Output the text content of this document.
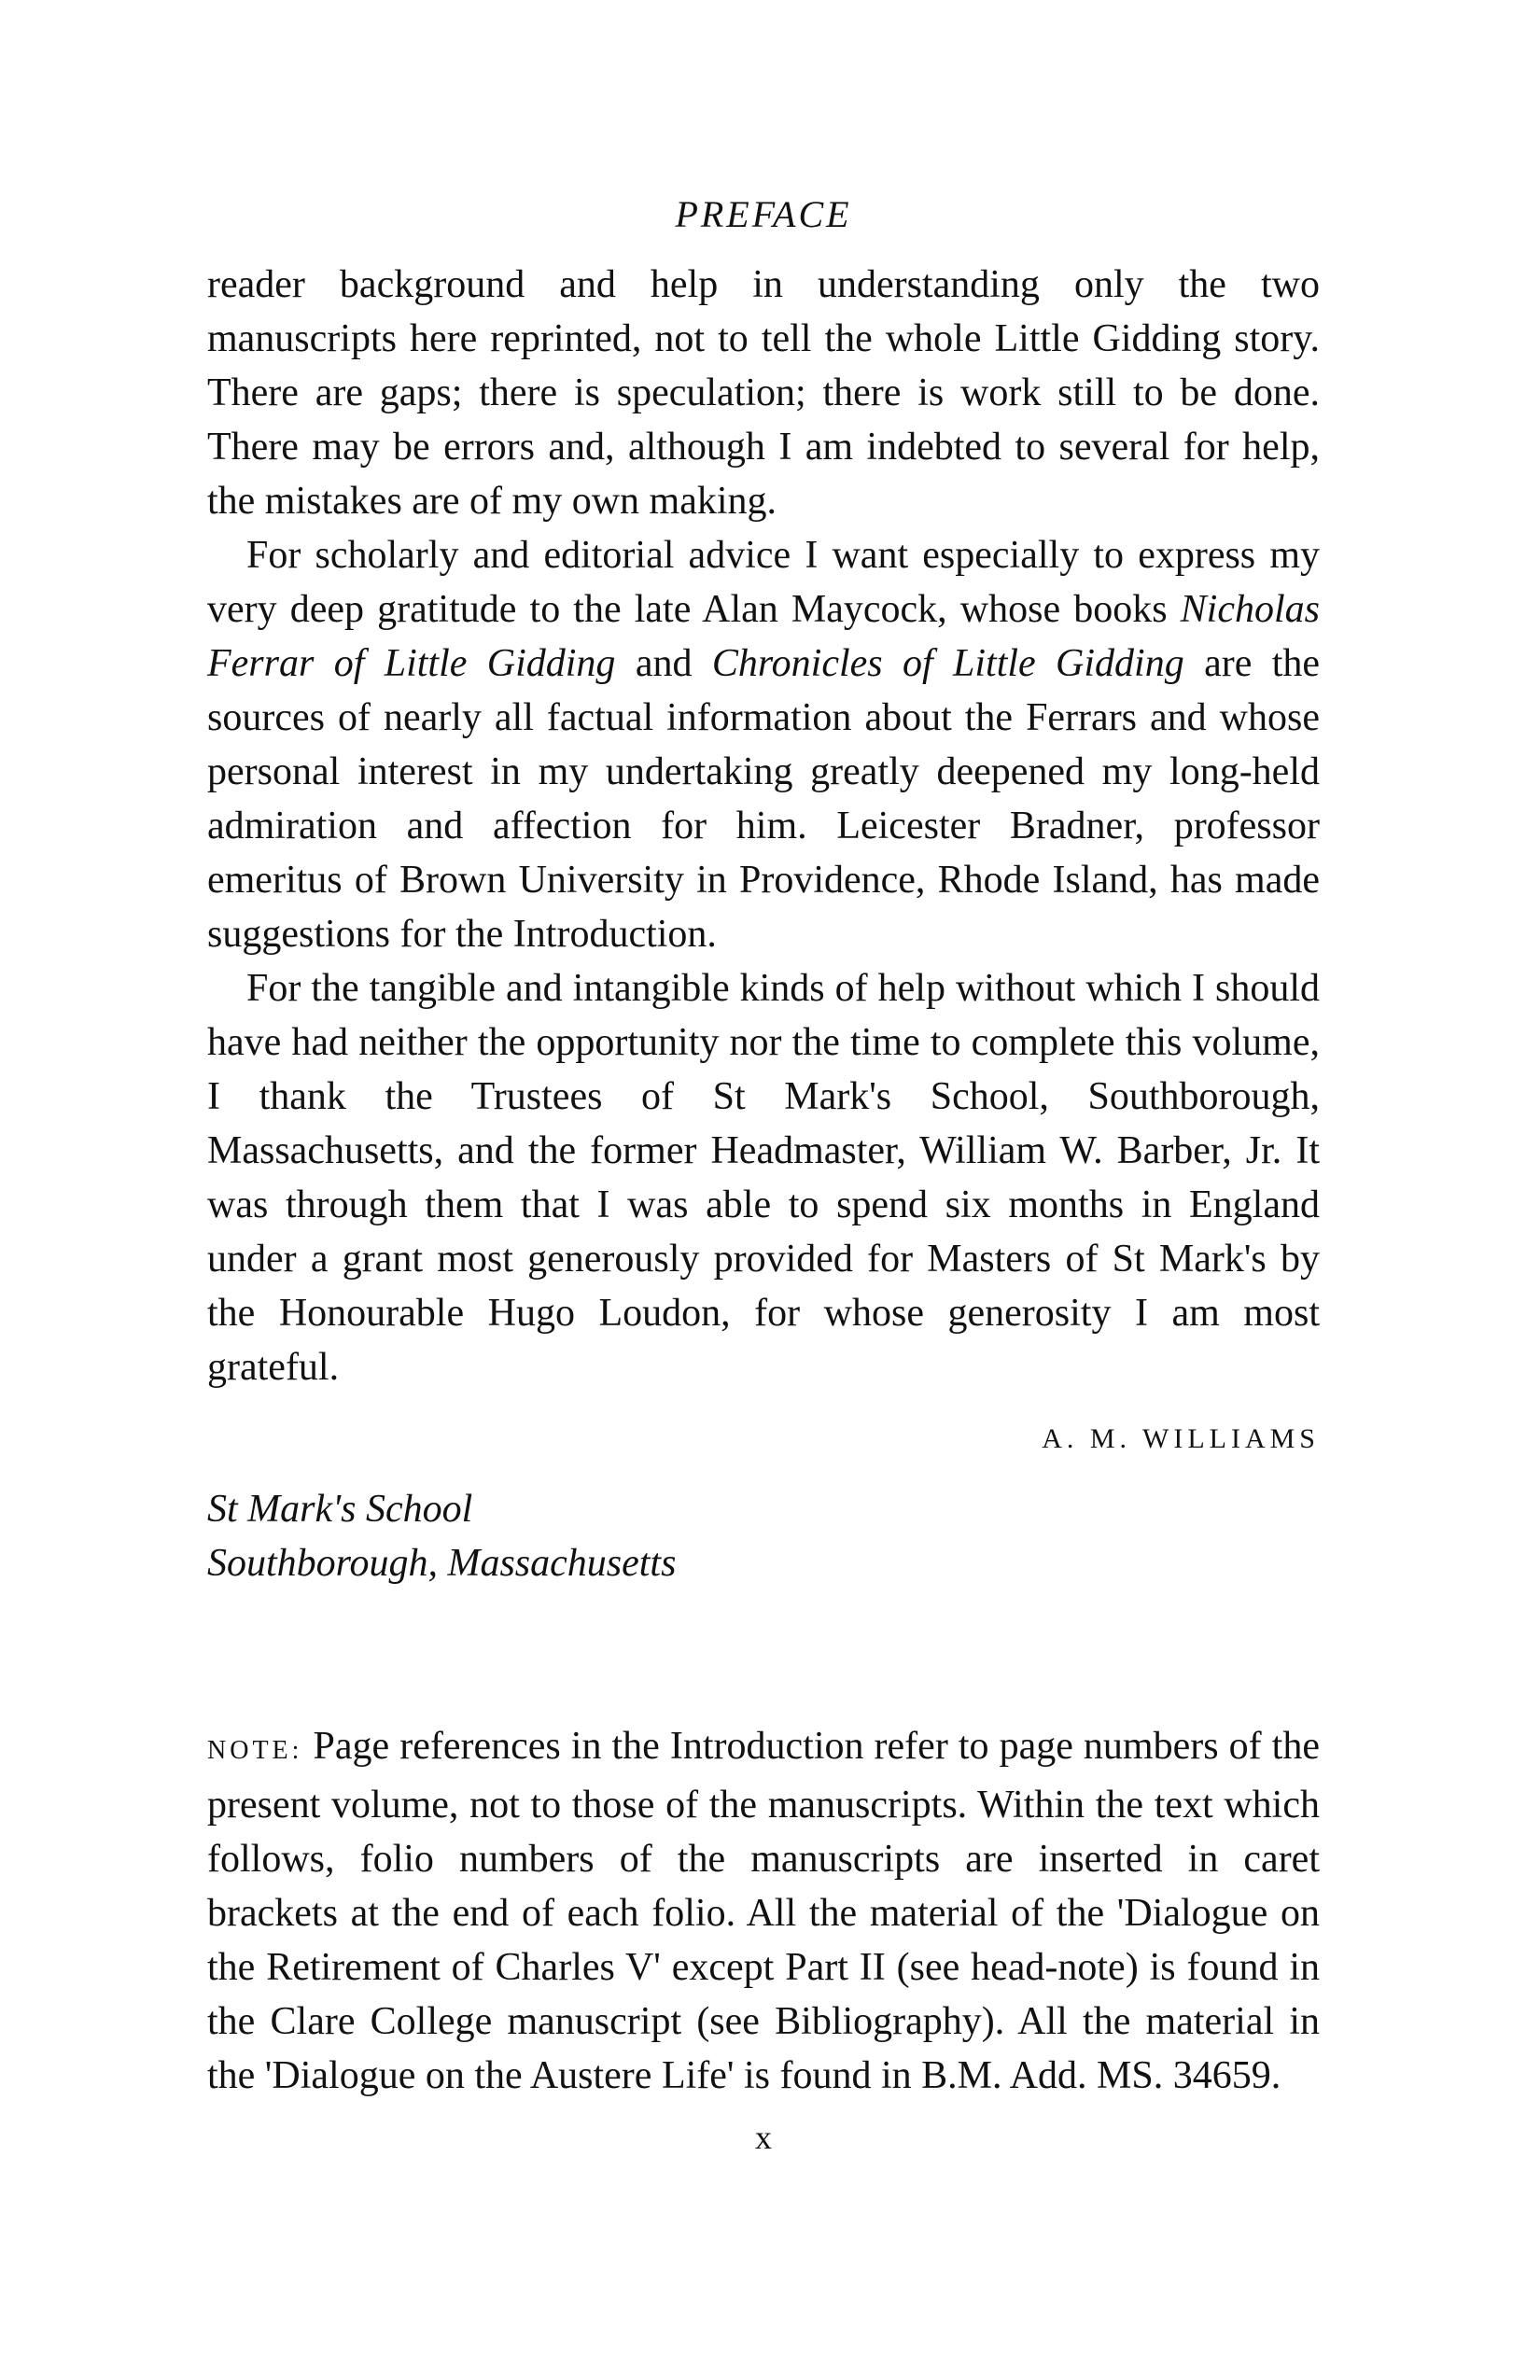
PREFACE

reader background and help in understanding only the two manuscripts here reprinted, not to tell the whole Little Gidding story. There are gaps; there is speculation; there is work still to be done. There may be errors and, although I am indebted to several for help, the mistakes are of my own making.

For scholarly and editorial advice I want especially to express my very deep gratitude to the late Alan Maycock, whose books Nicholas Ferrar of Little Gidding and Chronicles of Little Gidding are the sources of nearly all factual information about the Ferrars and whose personal interest in my undertaking greatly deepened my long-held admiration and affection for him. Leicester Bradner, professor emeritus of Brown University in Providence, Rhode Island, has made suggestions for the Introduction.

For the tangible and intangible kinds of help without which I should have had neither the opportunity nor the time to complete this volume, I thank the Trustees of St Mark's School, Southborough, Massachusetts, and the former Headmaster, William W. Barber, Jr. It was through them that I was able to spend six months in England under a grant most generously provided for Masters of St Mark's by the Honourable Hugo Loudon, for whose generosity I am most grateful.

A. M. WILLIAMS
St Mark's School
Southborough, Massachusetts

NOTE: Page references in the Introduction refer to page numbers of the present volume, not to those of the manuscripts. Within the text which follows, folio numbers of the manuscripts are inserted in caret brackets at the end of each folio. All the material of the 'Dialogue on the Retirement of Charles V' except Part II (see head-note) is found in the Clare College manuscript (see Bibliography). All the material in the 'Dialogue on the Austere Life' is found in B.M. Add. MS. 34659.

x
